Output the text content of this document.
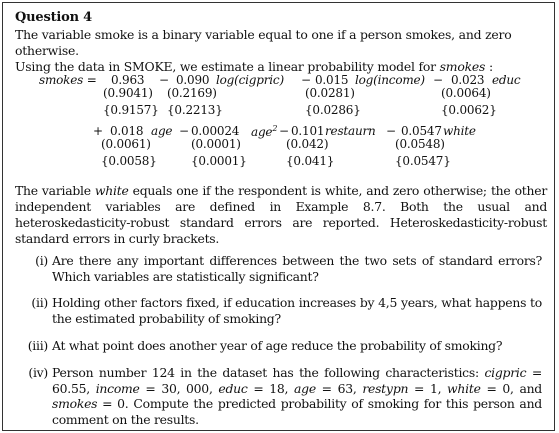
Question 4
The variable smoke is a binary variable equal to one if a person smokes, and zero otherwise.
Using the data in SMOKE, we estimate a linear probability model for smokes :
smokes = 0.963 − 0.090 log(cigpric) − 0.015 log(income) − 0.023 educ
(0.9041) (0.2169)	(0.0281)	(0.0064)
{0.9157} {0.2213}	{0.0286}	{0.0062}
+ 0.018 age − 0.00024 age$^2$ − 0.101 restaurn − 0.0547 white
(0.0061)	(0.0001)	(0.042)	(0.0548)
{0.0058}	{0.0001}	{0.041}	{0.0547}
The variable white equals one if the respondent is white, and zero otherwise; the other independent variables are defined in Example 8.7. Both the usual and heteroskedasticity-robust standard errors are reported. Heteroskedasticity-robust standard errors in curly brackets.
(i) Are there any important differences between the two sets of standard errors? Which variables are statistically significant?
(ii) Holding other factors fixed, if education increases by 4,5 years, what happens to the estimated probability of smoking?
(iii) At what point does another year of age reduce the probability of smoking?
(iv) Person number 124 in the dataset has the following characteristics: cigpric = 60.55, income = 30, 000, educ = 18, age = 63, restурn = 1, white = 0, and smokes = 0. Compute the predicted probability of smoking for this person and comment on the results.
